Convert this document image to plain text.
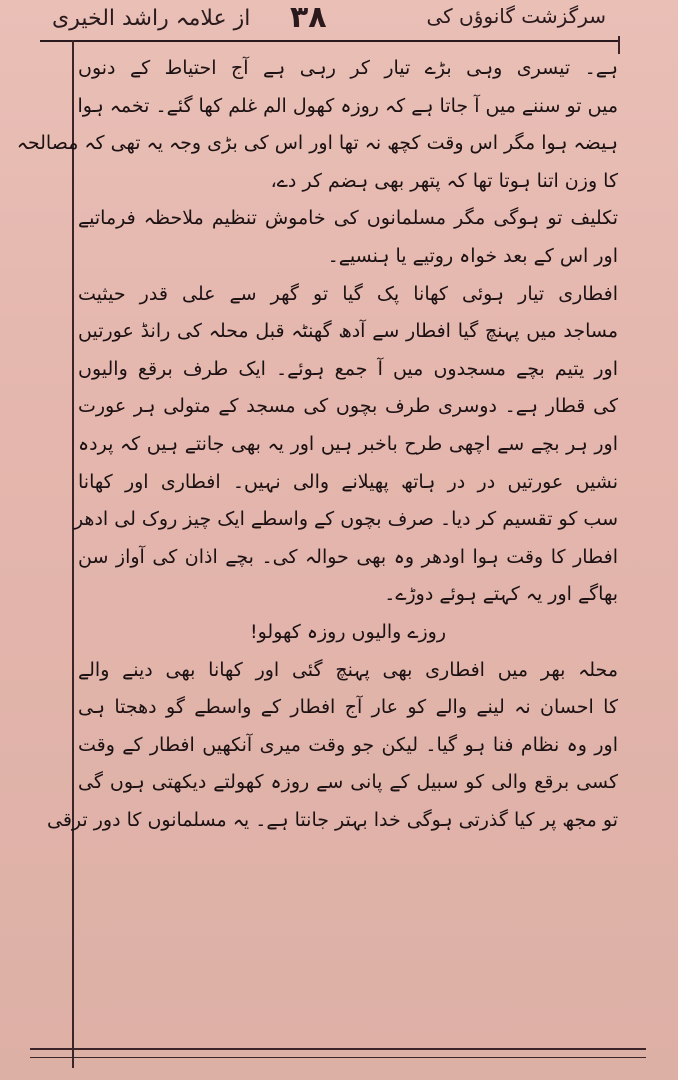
از علامہ راشد الخیری ۳۸	سرگزشت گانوؤں کی
ہے۔ تیسری وہی بڑے تیار کر رہی ہے آج احتیاط کے دنوں
میں تو سننے میں آ جاتا ہے کہ روزہ کھول الم غلم کھا گئے۔ تخمہ ہوا
ہیضہ ہوا مگر اس وقت کچھ نہ تھا اور اس کی بڑی وجہ یہ تھی کہ مصالحہ
کا وزن اتنا ہوتا تھا کہ پتھر بھی ہضم کر دے،
تکلیف تو ہوگی مگر مسلمانوں کی خاموش تنظیم ملاحظہ فرماتیے
اور اس کے بعد خواہ روتیے یا ہنسیے۔
افطاری تیار ہوئی کھانا پک گیا تو گھر سے علی قدر حیثیت
مساجد میں پہنچ گیا افطار سے آدھ گھنٹہ قبل محلہ کی رانڈ عورتیں
اور یتیم بچے مسجدوں میں آ جمع ہوئے۔ ایک طرف برقع والیوں
کی قطار ہے۔ دوسری طرف بچوں کی مسجد کے متولی ہر عورت
اور ہر بچے سے اچھی طرح باخبر ہیں اور یہ بھی جانتے ہیں کہ پردہ
نشیں عورتیں در در ہاتھ پھیلانے والی نہیں۔ افطاری اور کھانا
سب کو تقسیم کر دیا۔ صرف بچوں کے واسطے ایک چیز روک لی ادھر
افطار کا وقت ہوا اودھر وہ بھی حوالہ کی۔ بچے اذان کی آواز سن
بھاگے اور یہ کہتے ہوئے دوڑے۔
روزے والیوں روزہ کھولو!
محلہ بھر میں افطاری بھی پہنچ گئی اور کھانا بھی دینے والے
کا احسان نہ لینے والے کو عار آج افطار کے واسطے گو دھجتا ہی
اور وہ نظام فنا ہو گیا۔ لیکن جو وقت میری آنکھیں افطار کے وقت
کسی برقع والی کو سبیل کے پانی سے روزہ کھولتے دیکھتی ہوں گی
تو مجھ پر کیا گذرتی ہوگی خدا بہتر جانتا ہے۔ یہ مسلمانوں کا دور ترقی
